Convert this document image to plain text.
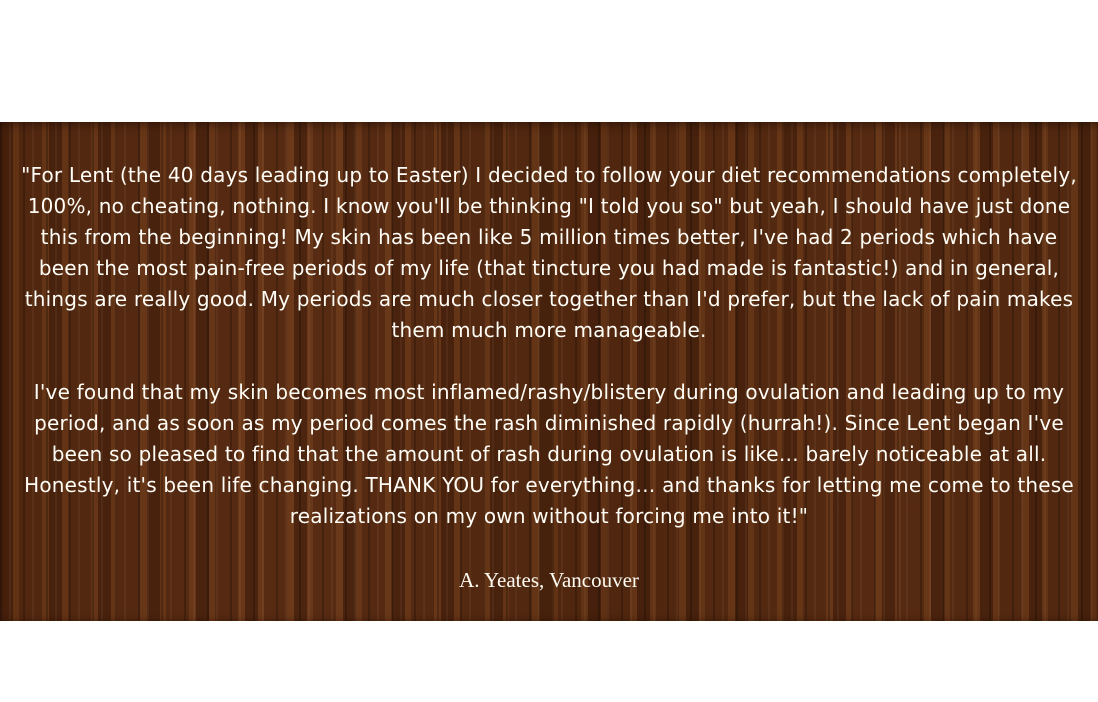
"For Lent (the 40 days leading up to Easter) I decided to follow your diet recommendations completely, 100%, no cheating, nothing. I know you'll be thinking "I told you so" but yeah, I should have just done this from the beginning! My skin has been like 5 million times better, I've had 2 periods which have been the most pain-free periods of my life (that tincture you had made is fantastic!) and in general, things are really good. My periods are much closer together than I'd prefer, but the lack of pain makes them much more manageable.

I've found that my skin becomes most inflamed/rashy/blistery during ovulation and leading up to my period, and as soon as my period comes the rash diminished rapidly (hurrah!). Since Lent began I've been so pleased to find that the amount of rash during ovulation is like… barely noticeable at all. Honestly, it's been life changing. THANK YOU for everything… and thanks for letting me come to these realizations on my own without forcing me into it!"

A. Yeates, Vancouver
